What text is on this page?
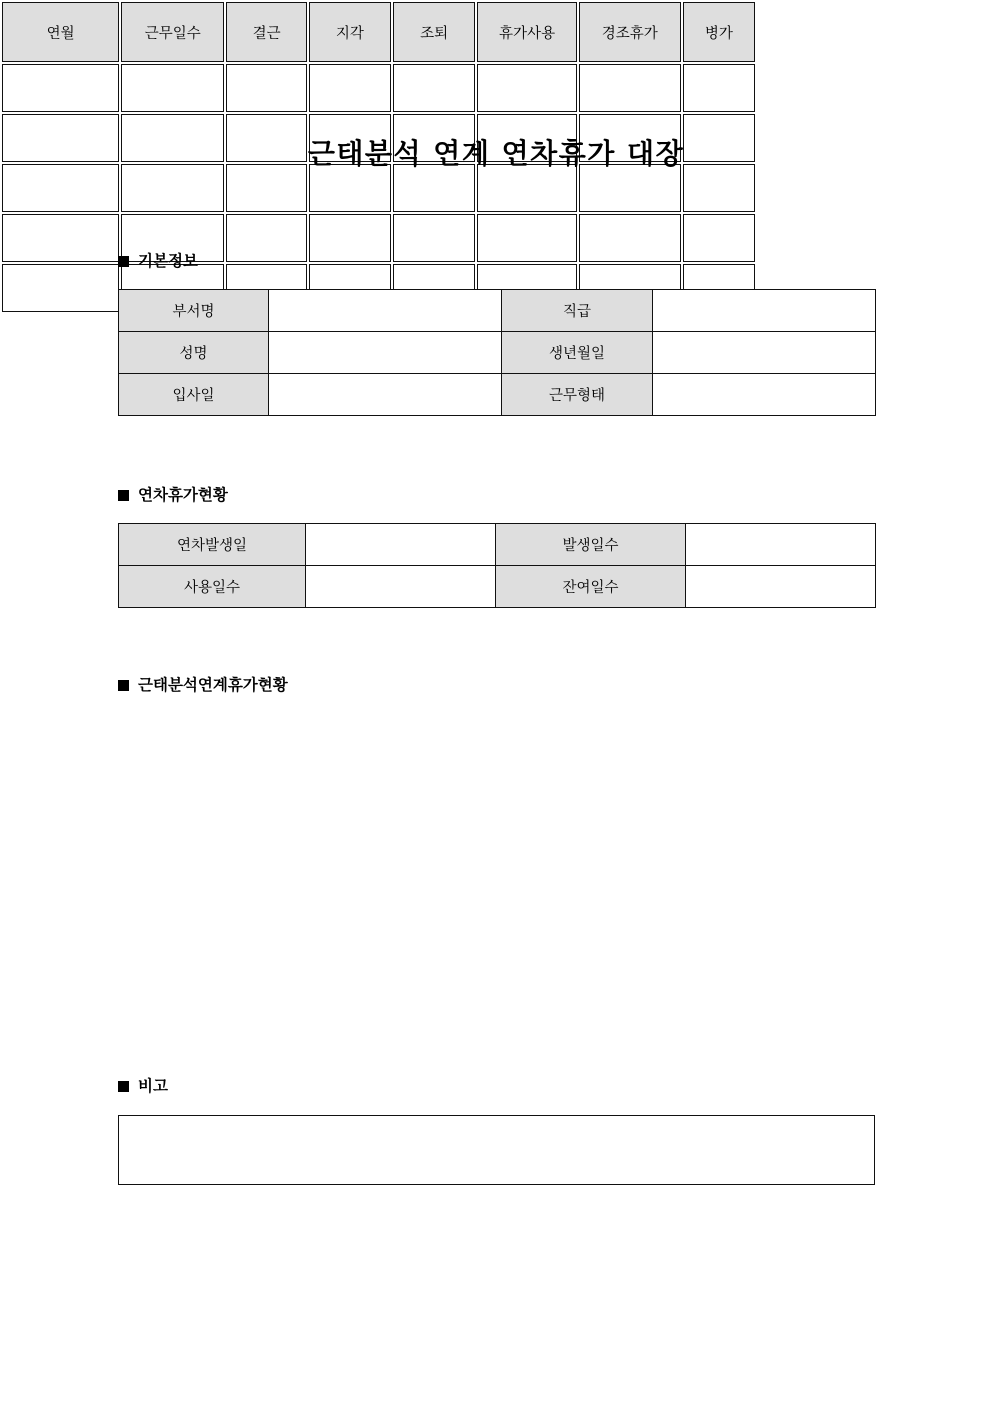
근태분석 연계 연차휴가 대장
기본정보
부서명		직급	
성명		생년월일	
입사일		근무형태	
연차휴가현황
연차발생일		발생일수	
사용일수		잔여일수	
근태분석연계휴가현황
연월	근무일수	결근	지각	조퇴	휴가사용	경조휴가	병가

비고
